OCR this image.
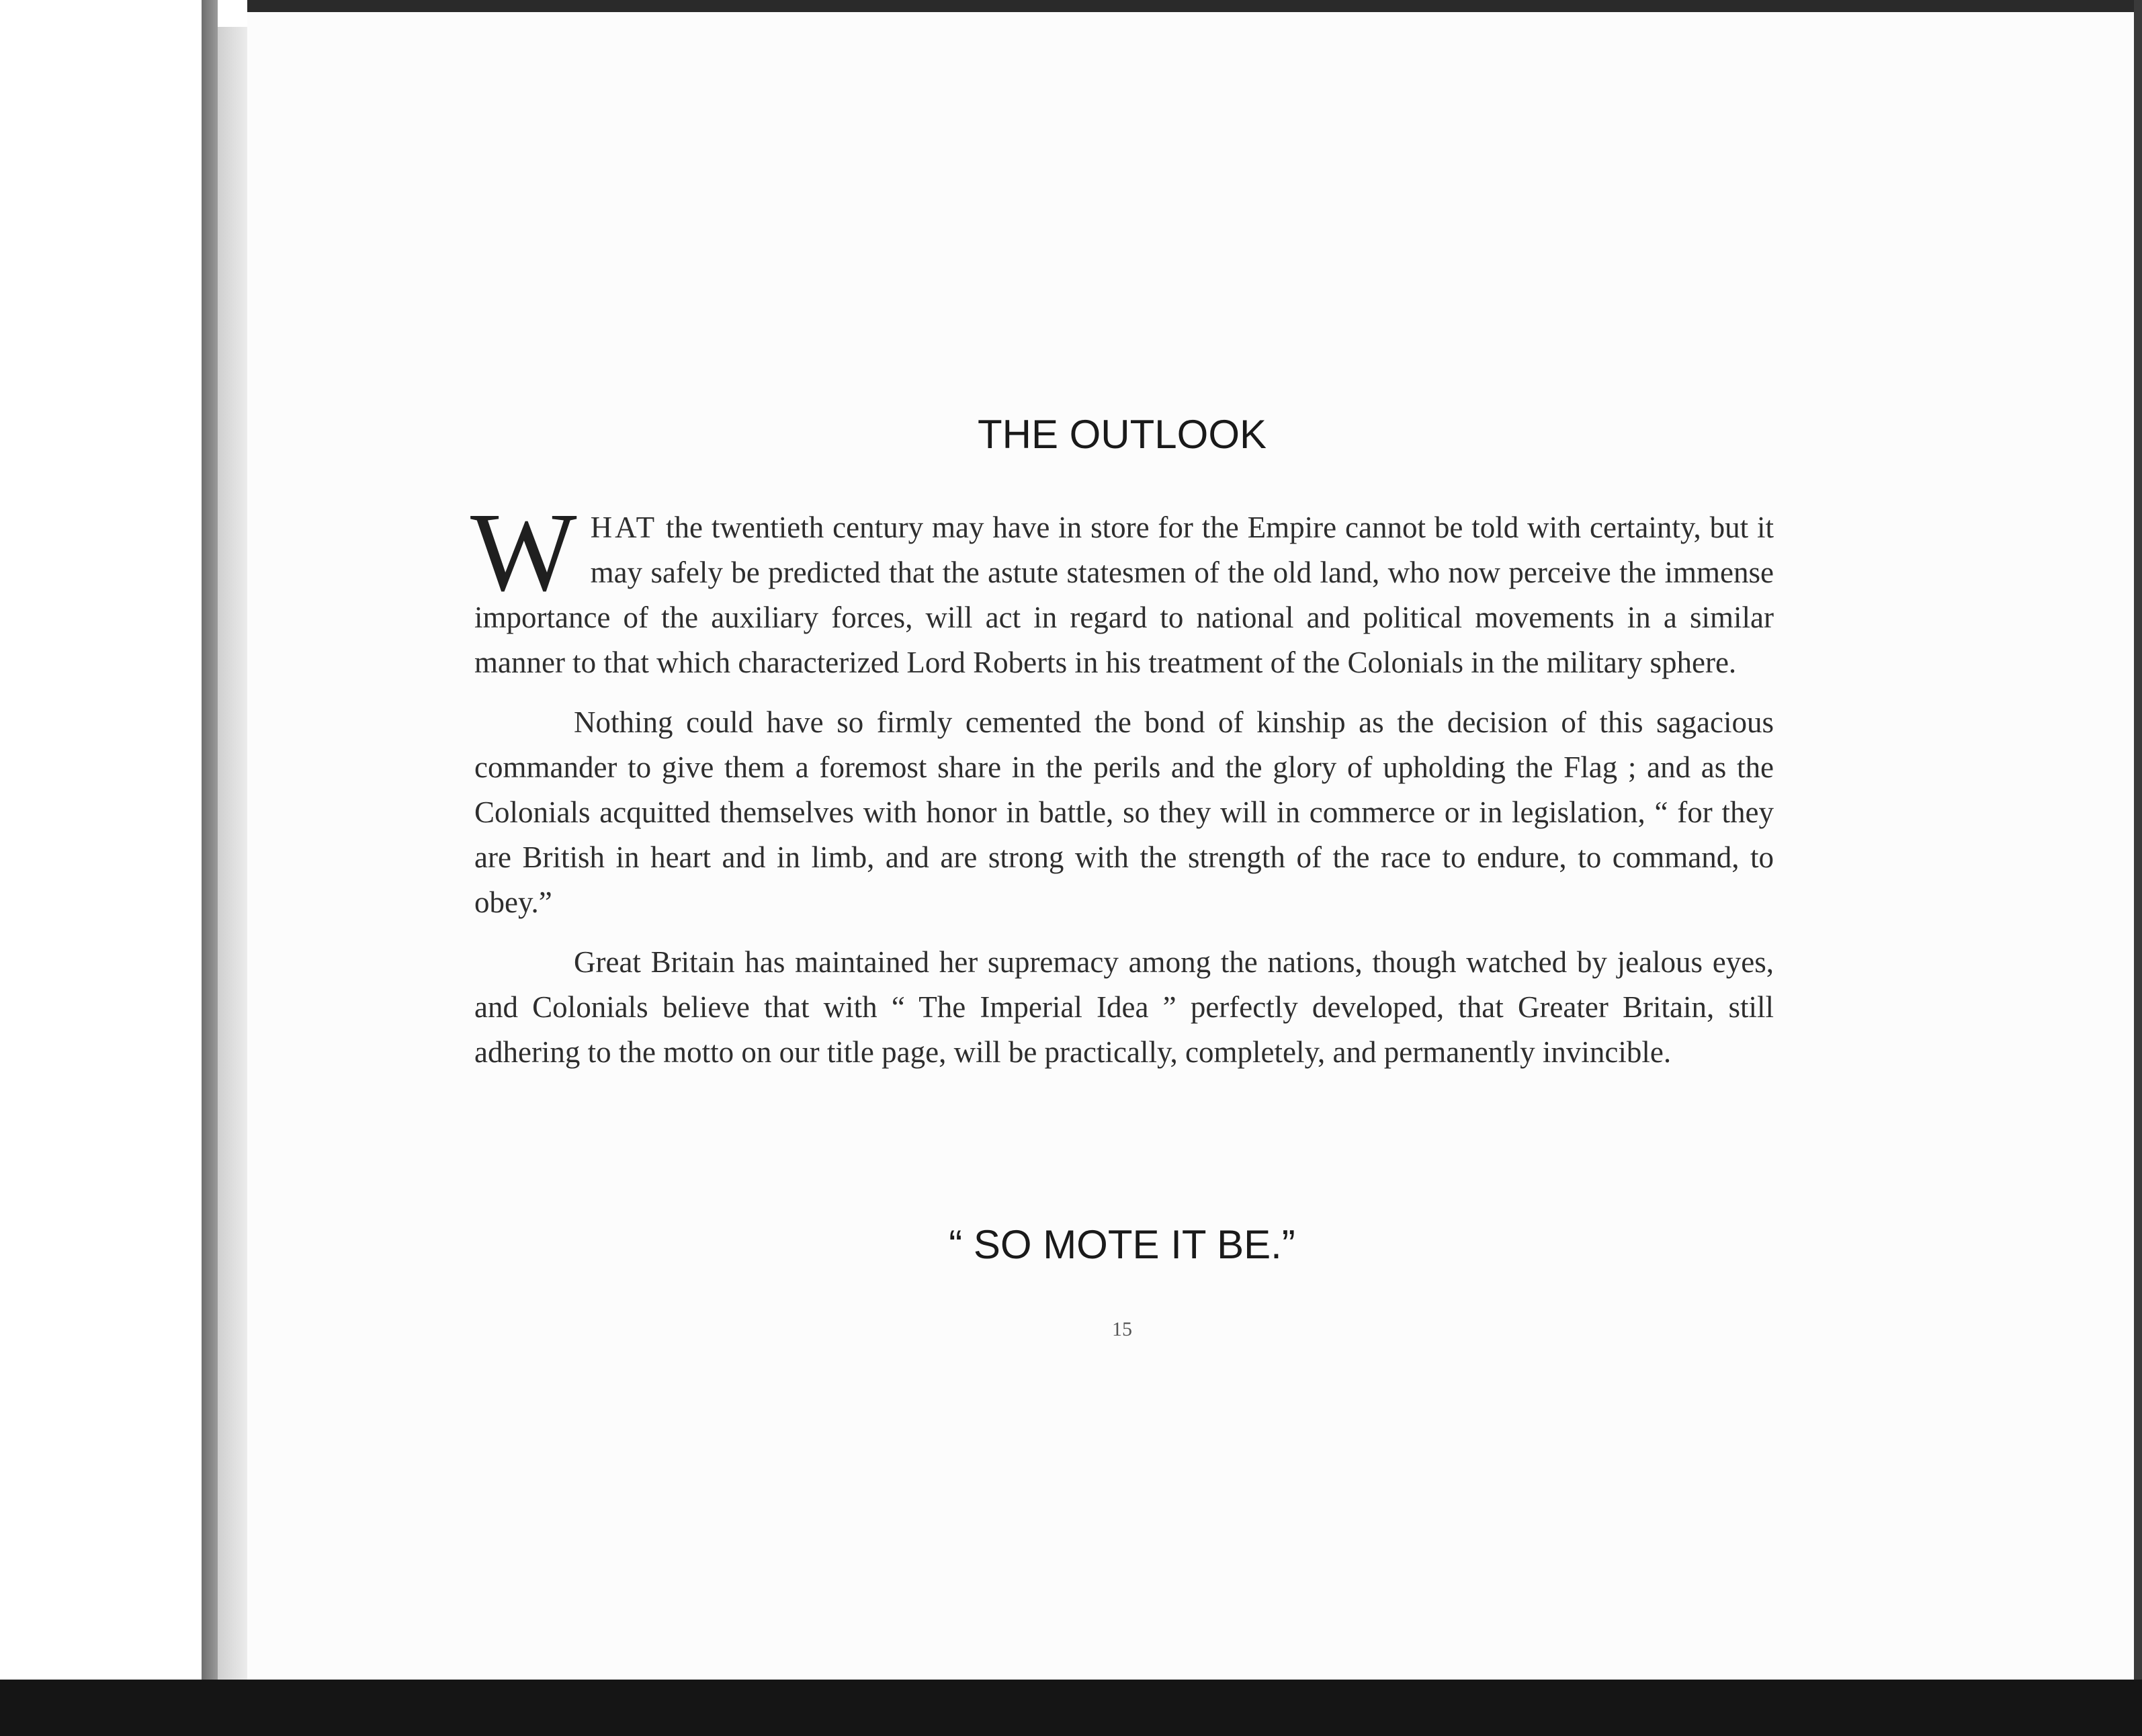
THE OUTLOOK

WHAT the twentieth century may have in store for the Empire cannot be told with certainty, but it may safely be predicted that the astute statesmen of the old land, who now perceive the immense importance of the auxiliary forces, will act in regard to national and political movements in a similar manner to that which characterized Lord Roberts in his treatment of the Colonials in the military sphere.

Nothing could have so firmly cemented the bond of kinship as the decision of this sagacious commander to give them a foremost share in the perils and the glory of upholding the Flag ; and as the Colonials acquitted themselves with honor in battle, so they will in commerce or in legislation, “ for they are British in heart and in limb, and are strong with the strength of the race to endure, to command, to obey.”

Great Britain has maintained her supremacy among the nations, though watched by jealous eyes, and Colonials believe that with “ The Imperial Idea ” perfectly developed, that Greater Britain, still adhering to the motto on our title page, will be practically, completely, and permanently invincible.

“ SO MOTE IT BE.”
15
